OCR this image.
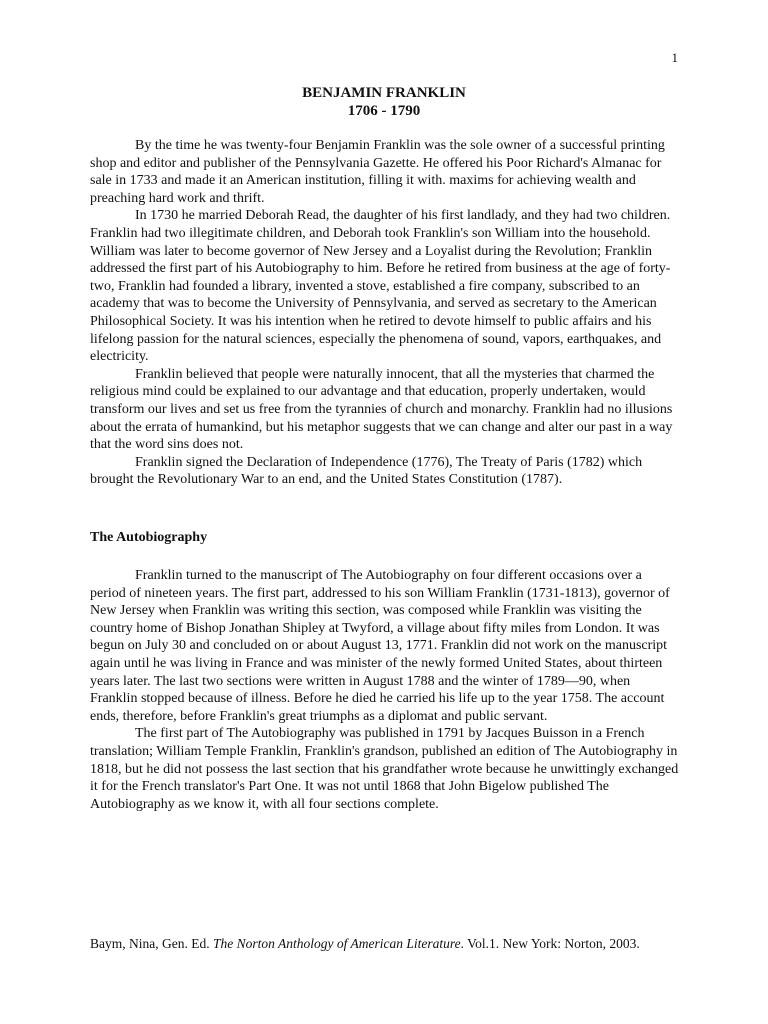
1
BENJAMIN FRANKLIN
1706 - 1790

By the time he was twenty-four Benjamin Franklin was the sole owner of a successful printing shop and editor and publisher of the Pennsylvania Gazette. He offered his Poor Richard's Almanac for sale in 1733 and made it an American institution, filling it with. maxims for achieving wealth and preaching hard work and thrift.

In 1730 he married Deborah Read, the daughter of his first landlady, and they had two children. Franklin had two illegitimate children, and Deborah took Franklin's son William into the household. William was later to become governor of New Jersey and a Loyalist during the Revolution; Franklin addressed the first part of his Autobiography to him. Before he retired from business at the age of forty-two, Franklin had founded a library, invented a stove, established a fire company, subscribed to an academy that was to become the University of Pennsylvania, and served as secretary to the American Philosophical Society. It was his intention when he retired to devote himself to public affairs and his lifelong passion for the natural sciences, especially the phenomena of sound, vapors, earthquakes, and electricity.

Franklin believed that people were naturally innocent, that all the mysteries that charmed the religious mind could be explained to our advantage and that education, properly undertaken, would transform our lives and set us free from the tyrannies of church and monarchy. Franklin had no illusions about the errata of humankind, but his metaphor suggests that we can change and alter our past in a way that the word sins does not.

Franklin signed the Declaration of Independence (1776), The Treaty of Paris (1782) which brought the Revolutionary War to an end, and the United States Constitution (1787).

The Autobiography

Franklin turned to the manuscript of The Autobiography on four different occasions over a period of nineteen years. The first part, addressed to his son William Franklin (1731-1813), governor of New Jersey when Franklin was writing this section, was composed while Franklin was visiting the country home of Bishop Jonathan Shipley at Twyford, a village about fifty miles from London. It was begun on July 30 and concluded on or about August 13, 1771. Franklin did not work on the manuscript again until he was living in France and was minister of the newly formed United States, about thirteen years later. The last two sections were written in August 1788 and the winter of 1789—90, when Franklin stopped because of illness. Before he died he carried his life up to the year 1758. The account ends, therefore, before Franklin's great triumphs as a diplomat and public servant.

The first part of The Autobiography was published in 1791 by Jacques Buisson in a French translation; William Temple Franklin, Franklin's grandson, published an edition of The Autobiography in 1818, but he did not possess the last section that his grandfather wrote because he unwittingly exchanged it for the French translator's Part One. It was not until 1868 that John Bigelow published The Autobiography as we know it, with all four sections complete.

Baym, Nina, Gen. Ed. The Norton Anthology of American Literature. Vol.1. New York: Norton, 2003.
